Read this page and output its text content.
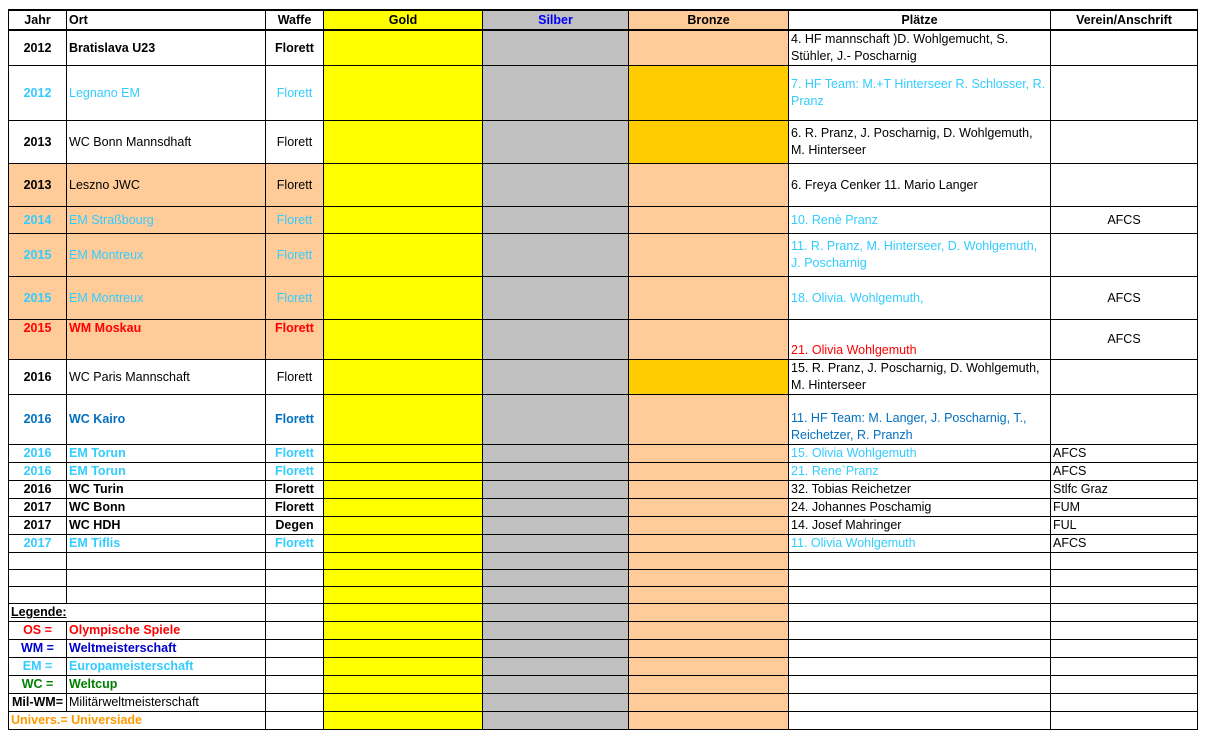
Jahr	Ort	Waffe	Gold	Silber	Bronze	Plätze	Verein/Anschrift
2012	Bratislava U23	Florett				4. HF mannschaft )D. Wohlgemucht, S. Stühler, J.- Poscharnig	
2012	Legnano EM	Florett				7. HF Team: M.+T Hinterseer R. Schlosser, R. Pranz	
2013	WC Bonn Mannsdhaft	Florett				6. R. Pranz, J. Poscharnig, D. Wohlgemuth, M. Hinterseer	
2013	Leszno JWC	Florett				6. Freya Cenker 11. Mario Langer	
2014	EM Straßbourg	Florett				10. Renè Pranz	AFCS
2015	EM Montreux	Florett				11. R. Pranz, M. Hinterseer, D. Wohlgemuth, J. Poscharnig	
2015	EM Montreux	Florett				18. Olivia. Wohlgemuth,	AFCS
2015	WM Moskau	Florett				21. Olivia Wohlgemuth	AFCS
2016	WC Paris Mannschaft	Florett				15. R. Pranz, J. Poscharnig, D. Wohlgemuth, M. Hinterseer	
2016	WC Kairo	Florett				11. HF Team: M. Langer, J. Poscharnig, T., Reichetzer, R. Pranzh	
2016	EM Torun	Florett				15. Olivia Wohlgemuth	AFCS
2016	EM Torun	Florett				21. Rene`Pranz	AFCS
2016	WC Turin	Florett				32. Tobias Reichetzer	Stlfc Graz
2017	WC Bonn	Florett				24. Johannes Poschamig	FUM
2017	WC HDH	Degen				14. Josef Mahringer	FUL
2017	EM Tiflis	Florett				11. Olivia Wohlgemuth	AFCS

Legende:							
OS =	Olympische Spiele						
WM =	Weltmeisterschaft						
EM =	Europameisterschaft						
WC =	Weltcup						
Mil-WM=	Militärweltmeisterschaft						
Univers.= Universiade							
